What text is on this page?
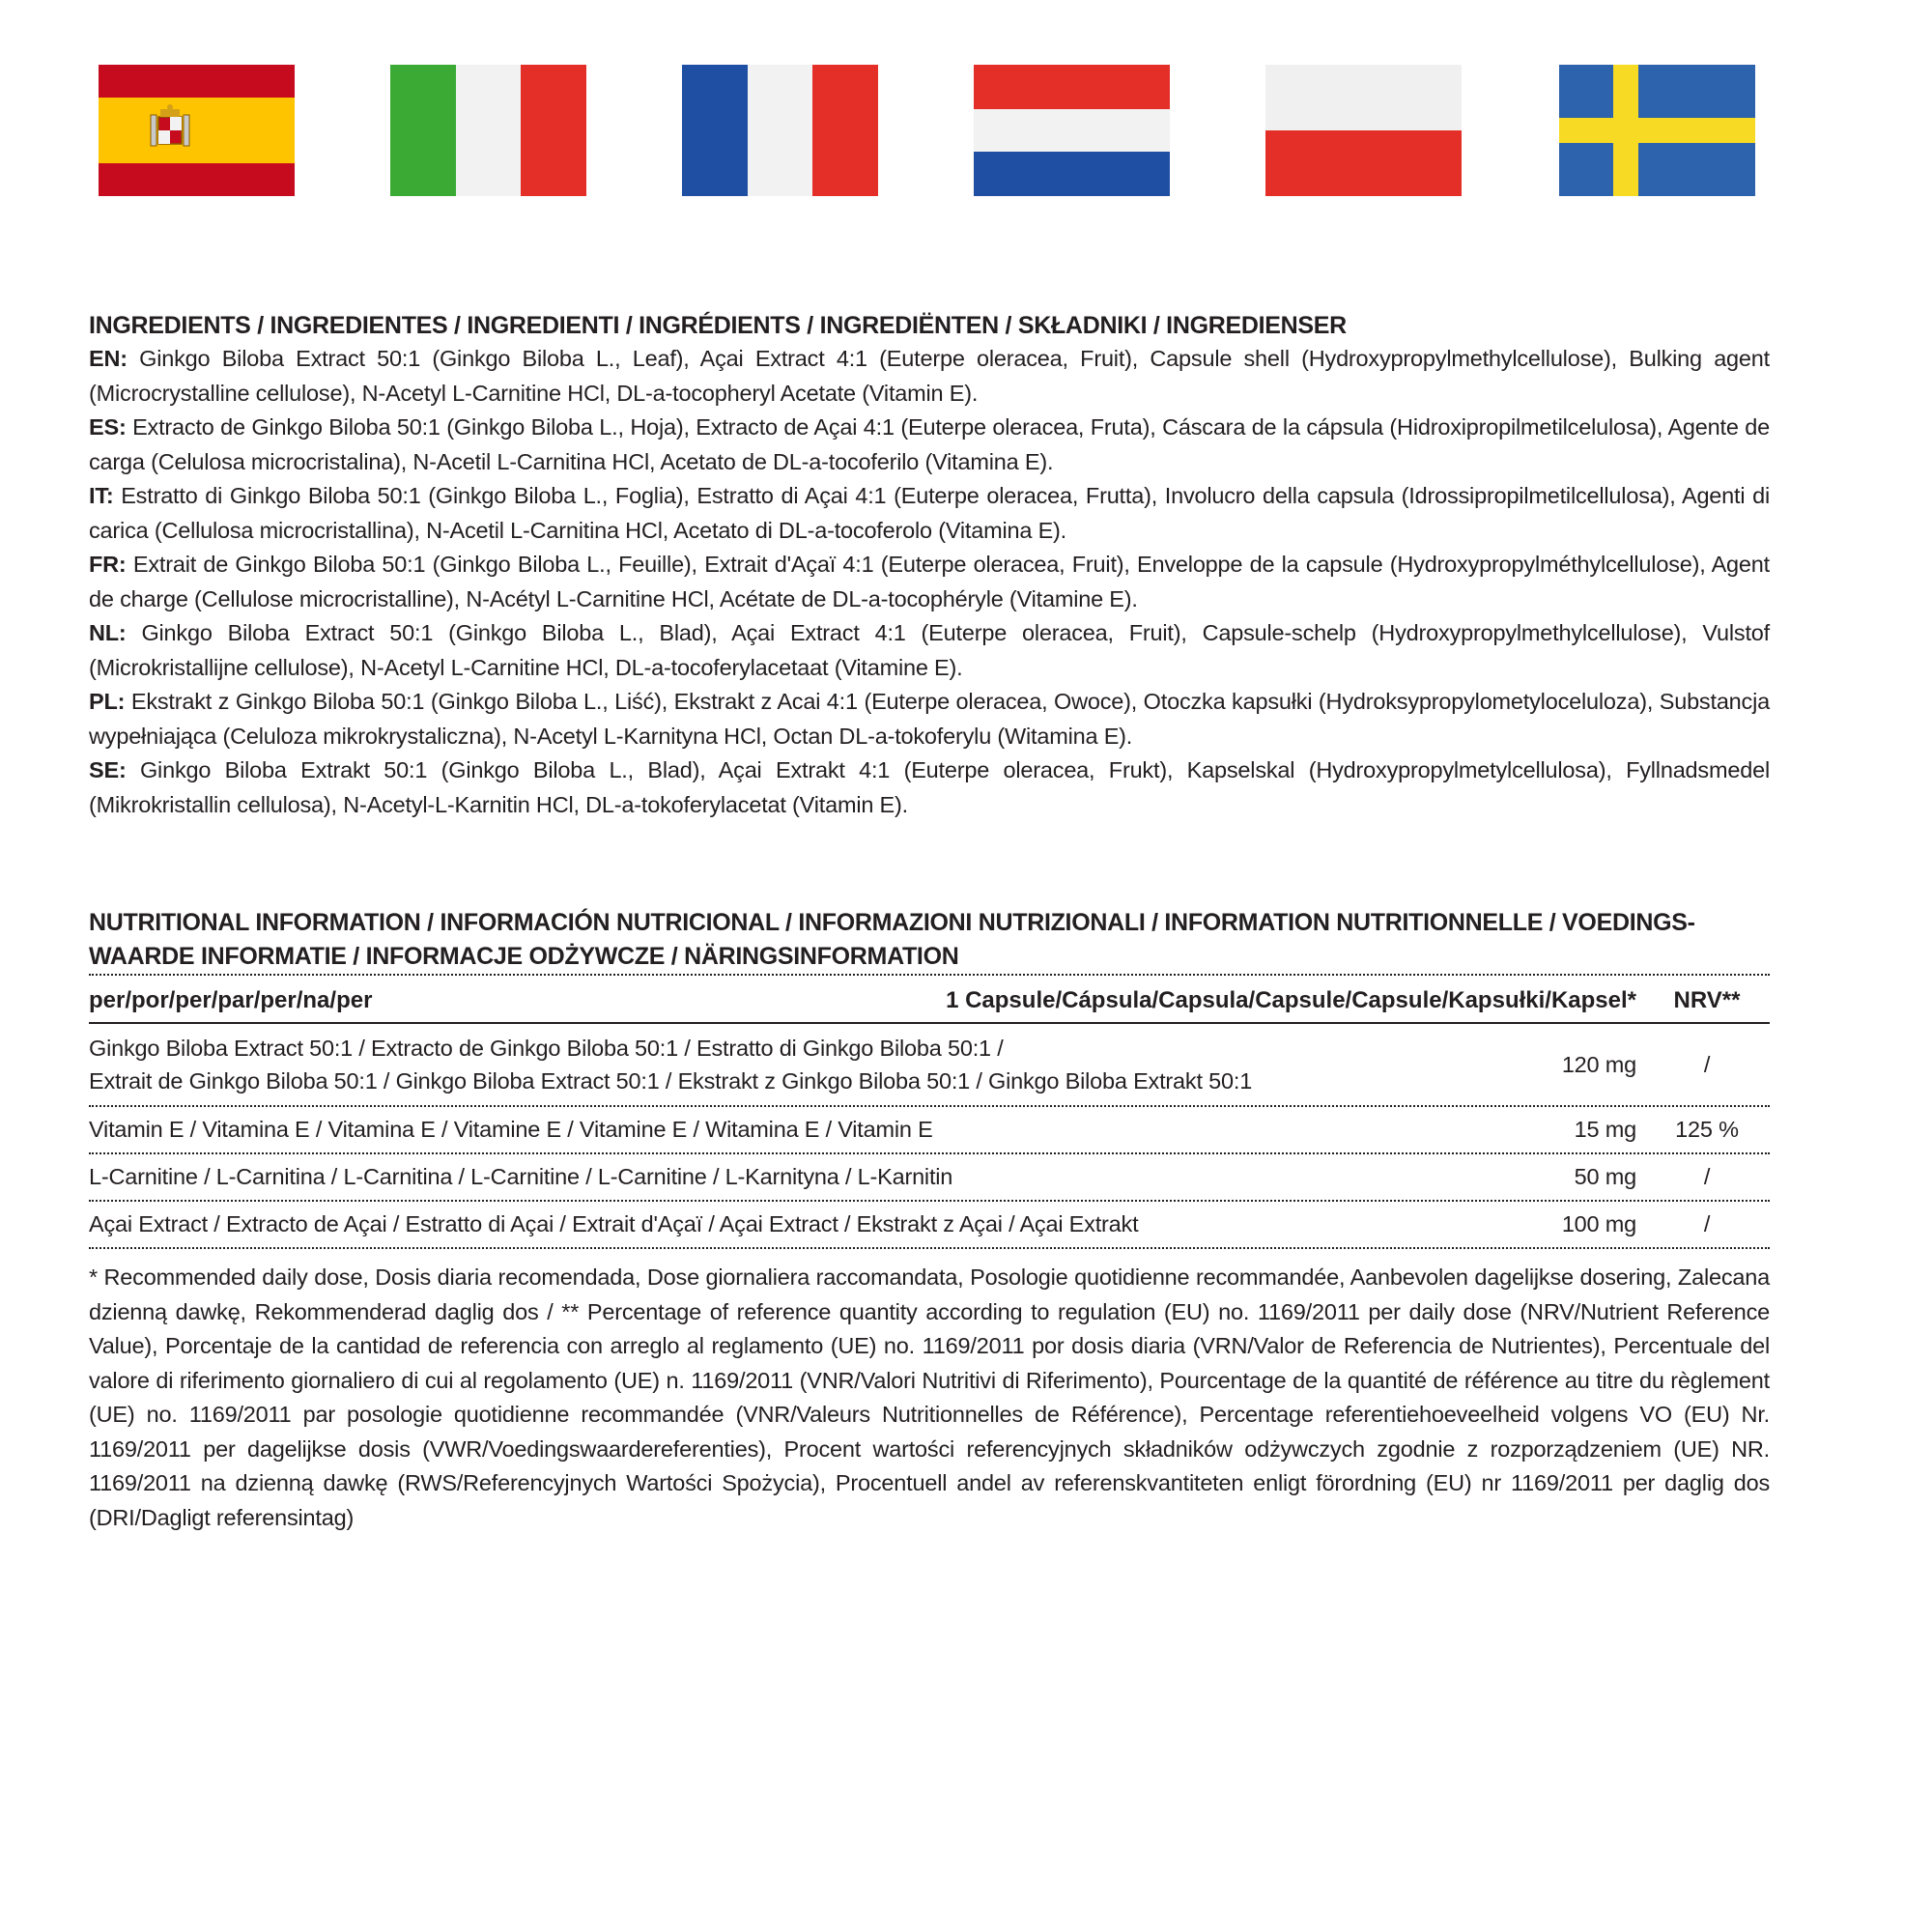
INGREDIENTS / INGREDIENTES / INGREDIENTI / INGRÉDIENTS / INGREDIËNTEN / SKŁADNIKI / INGREDIENSER

EN: Ginkgo Biloba Extract 50:1 (Ginkgo Biloba L., Leaf), Açai Extract 4:1 (Euterpe oleracea, Fruit), Capsule shell (Hydroxypropylmethylcellulose), Bulking agent (Microcrystalline cellulose), N-Acetyl L-Carnitine HCl, DL-a-tocopheryl Acetate (Vitamin E).

ES: Extracto de Ginkgo Biloba 50:1 (Ginkgo Biloba L., Hoja), Extracto de Açai 4:1 (Euterpe oleracea, Fruta), Cáscara de la cápsula (Hidroxipropilmetilcelulosa), Agente de carga (Celulosa microcristalina), N-Acetil L-Carnitina HCl, Acetato de DL-a-tocoferilo (Vitamina E).

IT: Estratto di Ginkgo Biloba 50:1 (Ginkgo Biloba L., Foglia), Estratto di Açai 4:1 (Euterpe oleracea, Frutta), Involucro della capsula (Idrossipropilmetilcellulosa), Agenti di carica (Cellulosa microcristallina), N-Acetil L-Carnitina HCl, Acetato di DL-a-tocoferolo (Vitamina E).

FR: Extrait de Ginkgo Biloba 50:1 (Ginkgo Biloba L., Feuille), Extrait d'Açaï 4:1 (Euterpe oleracea, Fruit), Enveloppe de la capsule (Hydroxypropylméthylcellulose), Agent de charge (Cellulose microcristalline), N-Acétyl L-Carnitine HCl, Acétate de DL-a-tocophéryle (Vitamine E).

NL: Ginkgo Biloba Extract 50:1 (Ginkgo Biloba L., Blad), Açai Extract 4:1 (Euterpe oleracea, Fruit), Capsule-schelp (Hydroxypropylmethylcellulose), Vulstof (Microkristallijne cellulose), N-Acetyl L-Carnitine HCl, DL-a-tocoferylacetaat (Vitamine E).

PL: Ekstrakt z Ginkgo Biloba 50:1 (Ginkgo Biloba L., Liść), Ekstrakt z Acai 4:1 (Euterpe oleracea, Owoce), Otoczka kapsułki (Hydroksypropylometyloceluloza), Substancja wypełniająca (Celuloza mikrokrystaliczna), N-Acetyl L-Karnityna HCl, Octan DL-a-tokoferylu (Witamina E).

SE: Ginkgo Biloba Extrakt 50:1 (Ginkgo Biloba L., Blad), Açai Extrakt 4:1 (Euterpe oleracea, Frukt), Kapselskal (Hydroxypropylmetylcellulosa), Fyllnadsmedel (Mikrokristallin cellulosa), N-Acetyl-L-Karnitin HCl, DL-a-tokoferylacetat (Vitamin E).

NUTRITIONAL INFORMATION / INFORMACIÓN NUTRICIONAL / INFORMAZIONI NUTRIZIONALI / INFORMATION NUTRITIONNELLE / VOEDINGS-WAARDE INFORMATIE / INFORMACJE ODŻYWCZE / NÄRINGSINFORMATION

per/por/per/par/per/na/per	1 Capsule/Cápsula/Capsula/Capsule/Capsule/Kapsułki/Kapsel*	NRV**
Ginkgo Biloba Extract 50:1 / Extracto de Ginkgo Biloba 50:1 / Estratto di Ginkgo Biloba 50:1 /
Extrait de Ginkgo Biloba 50:1 / Ginkgo Biloba Extract 50:1 / Ekstrakt z Ginkgo Biloba 50:1 / Ginkgo Biloba Extrakt 50:1
120 mg	/
Vitamin E / Vitamina E / Vitamina E / Vitamine E / Vitamine E / Witamina E / Vitamin E	15 mg	125 %
L-Carnitine / L-Carnitina / L-Carnitina / L-Carnitine / L-Carnitine / L-Karnityna / L-Karnitin	50 mg	/
Açai Extract / Extracto de Açai / Estratto di Açai / Extrait d'Açaï / Açai Extract / Ekstrakt z Açai / Açai Extrakt	100 mg	/

* Recommended daily dose, Dosis diaria recomendada, Dose giornaliera raccomandata, Posologie quotidienne recommandée, Aanbevolen dagelijkse dosering, Zalecana dzienną dawkę, Rekommenderad daglig dos / ** Percentage of reference quantity according to regulation (EU) no. 1169/2011 per daily dose (NRV/Nutrient Reference Value), Porcentaje de la cantidad de referencia con arreglo al reglamento (UE) no. 1169/2011 por dosis diaria (VRN/Valor de Referencia de Nutrientes), Percentuale del valore di riferimento giornaliero di cui al regolamento (UE) n. 1169/2011 (VNR/Valori Nutritivi di Riferimento), Pourcentage de la quantité de référence au titre du règlement (UE) no. 1169/2011 par posologie quotidienne recommandée (VNR/Valeurs Nutritionnelles de Référence), Percentage referentiehoeveelheid volgens VO (EU) Nr. 1169/2011 per dagelijkse dosis (VWR/Voedingswaardereferenties), Procent wartości referencyjnych składników odżywczych zgodnie z rozporządzeniem (UE) NR. 1169/2011 na dzienną dawkę (RWS/Referencyjnych Wartości Spożycia), Procentuell andel av referenskvantiteten enligt förordning (EU) nr 1169/2011 per daglig dos (DRI/Dagligt referensintag)
